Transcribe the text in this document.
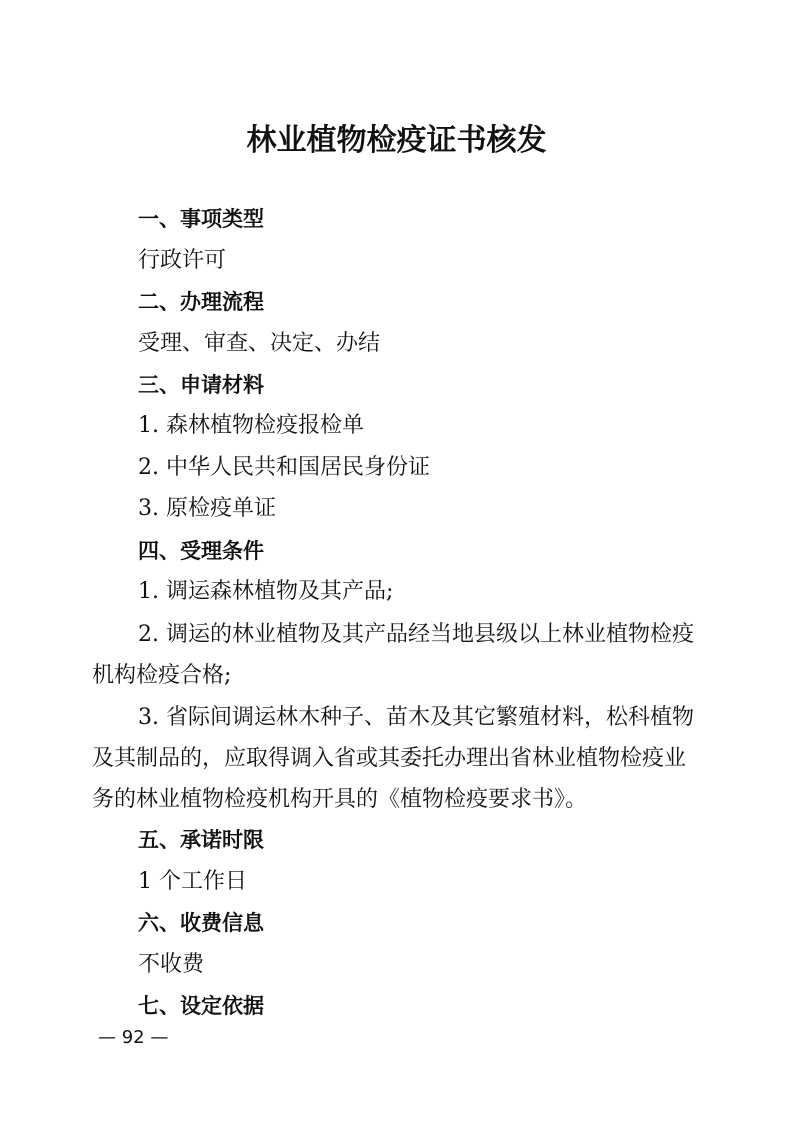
林业植物检疫证书核发
一、事项类型
行政许可
二、办理流程
受理、审查、决定、办结
三、申请材料
1. 森林植物检疫报检单
2. 中华人民共和国居民身份证
3. 原检疫单证
四、受理条件
1. 调运森林植物及其产品;

2. 调运的林业植物及其产品经当地县级以上林业植物检疫机构检疫合格;

3. 省际间调运林木种子、苗木及其它繁殖材料，松科植物及其制品的，应取得调入省或其委托办理出省林业植物检疫业务的林业植物检疫机构开具的《植物检疫要求书》。

五、承诺时限
1 个工作日
六、收费信息
不收费
七、设定依据
— 92 —
